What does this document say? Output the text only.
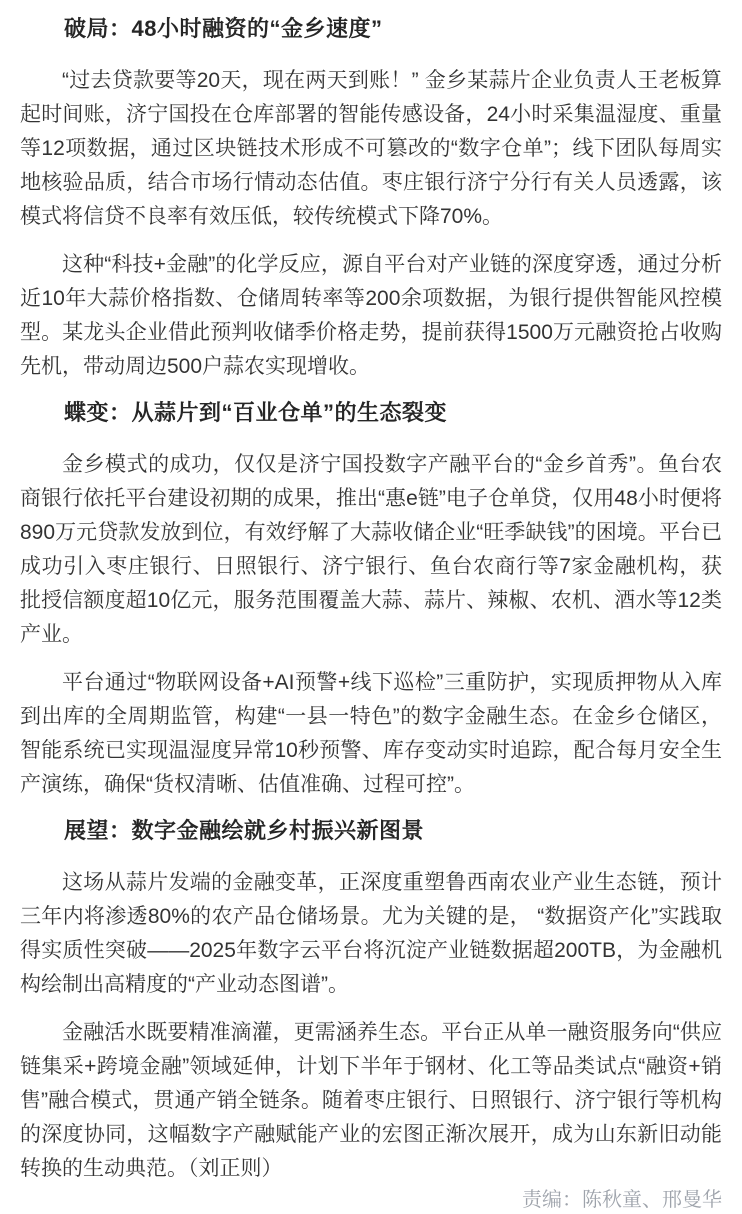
破局：48小时融资的“金乡速度”

“过去贷款要等20天，现在两天到账！” 金乡某蒜片企业负责人王老板算起时间账，济宁国投在仓库部署的智能传感设备，24小时采集温湿度、重量等12项数据，通过区块链技术形成不可篡改的“数字仓单”；线下团队每周实地核验品质，结合市场行情动态估值。枣庄银行济宁分行有关人员透露，该模式将信贷不良率有效压低，较传统模式下降70%。

这种“科技+金融”的化学反应，源自平台对产业链的深度穿透，通过分析近10年大蒜价格指数、仓储周转率等200余项数据，为银行提供智能风控模型。某龙头企业借此预判收储季价格走势，提前获得1500万元融资抢占收购先机，带动周边500户蒜农实现增收。

蝶变：从蒜片到“百业仓单”的生态裂变

金乡模式的成功，仅仅是济宁国投数字产融平台的“金乡首秀”。鱼台农商银行依托平台建设初期的成果，推出“惠e链”电子仓单贷，仅用48小时便将890万元贷款发放到位，有效纾解了大蒜收储企业“旺季缺钱”的困境。平台已成功引入枣庄银行、日照银行、济宁银行、鱼台农商行等7家金融机构，获批授信额度超10亿元，服务范围覆盖大蒜、蒜片、辣椒、农机、酒水等12类产业。

平台通过“物联网设备+AI预警+线下巡检”三重防护，实现质押物从入库到出库的全周期监管，构建“一县一特色”的数字金融生态。在金乡仓储区，智能系统已实现温湿度异常10秒预警、库存变动实时追踪，配合每月安全生产演练，确保“货权清晰、估值准确、过程可控”。

展望：数字金融绘就乡村振兴新图景

这场从蒜片发端的金融变革，正深度重塑鲁西南农业产业生态链，预计三年内将渗透80%的农产品仓储场景。尤为关键的是， “数据资产化”实践取得实质性突破——2025年数字云平台将沉淀产业链数据超200TB，为金融机构绘制出高精度的“产业动态图谱”。

金融活水既要精准滴灌，更需涵养生态。平台正从单一融资服务向“供应链集采+跨境金融”领域延伸，计划下半年于钢材、化工等品类试点“融资+销售”融合模式，贯通产销全链条。随着枣庄银行、日照银行、济宁银行等机构的深度协同，这幅数字产融赋能产业的宏图正渐次展开，成为山东新旧动能转换的生动典范。（刘正则）

责编：陈秋童、邢曼华
